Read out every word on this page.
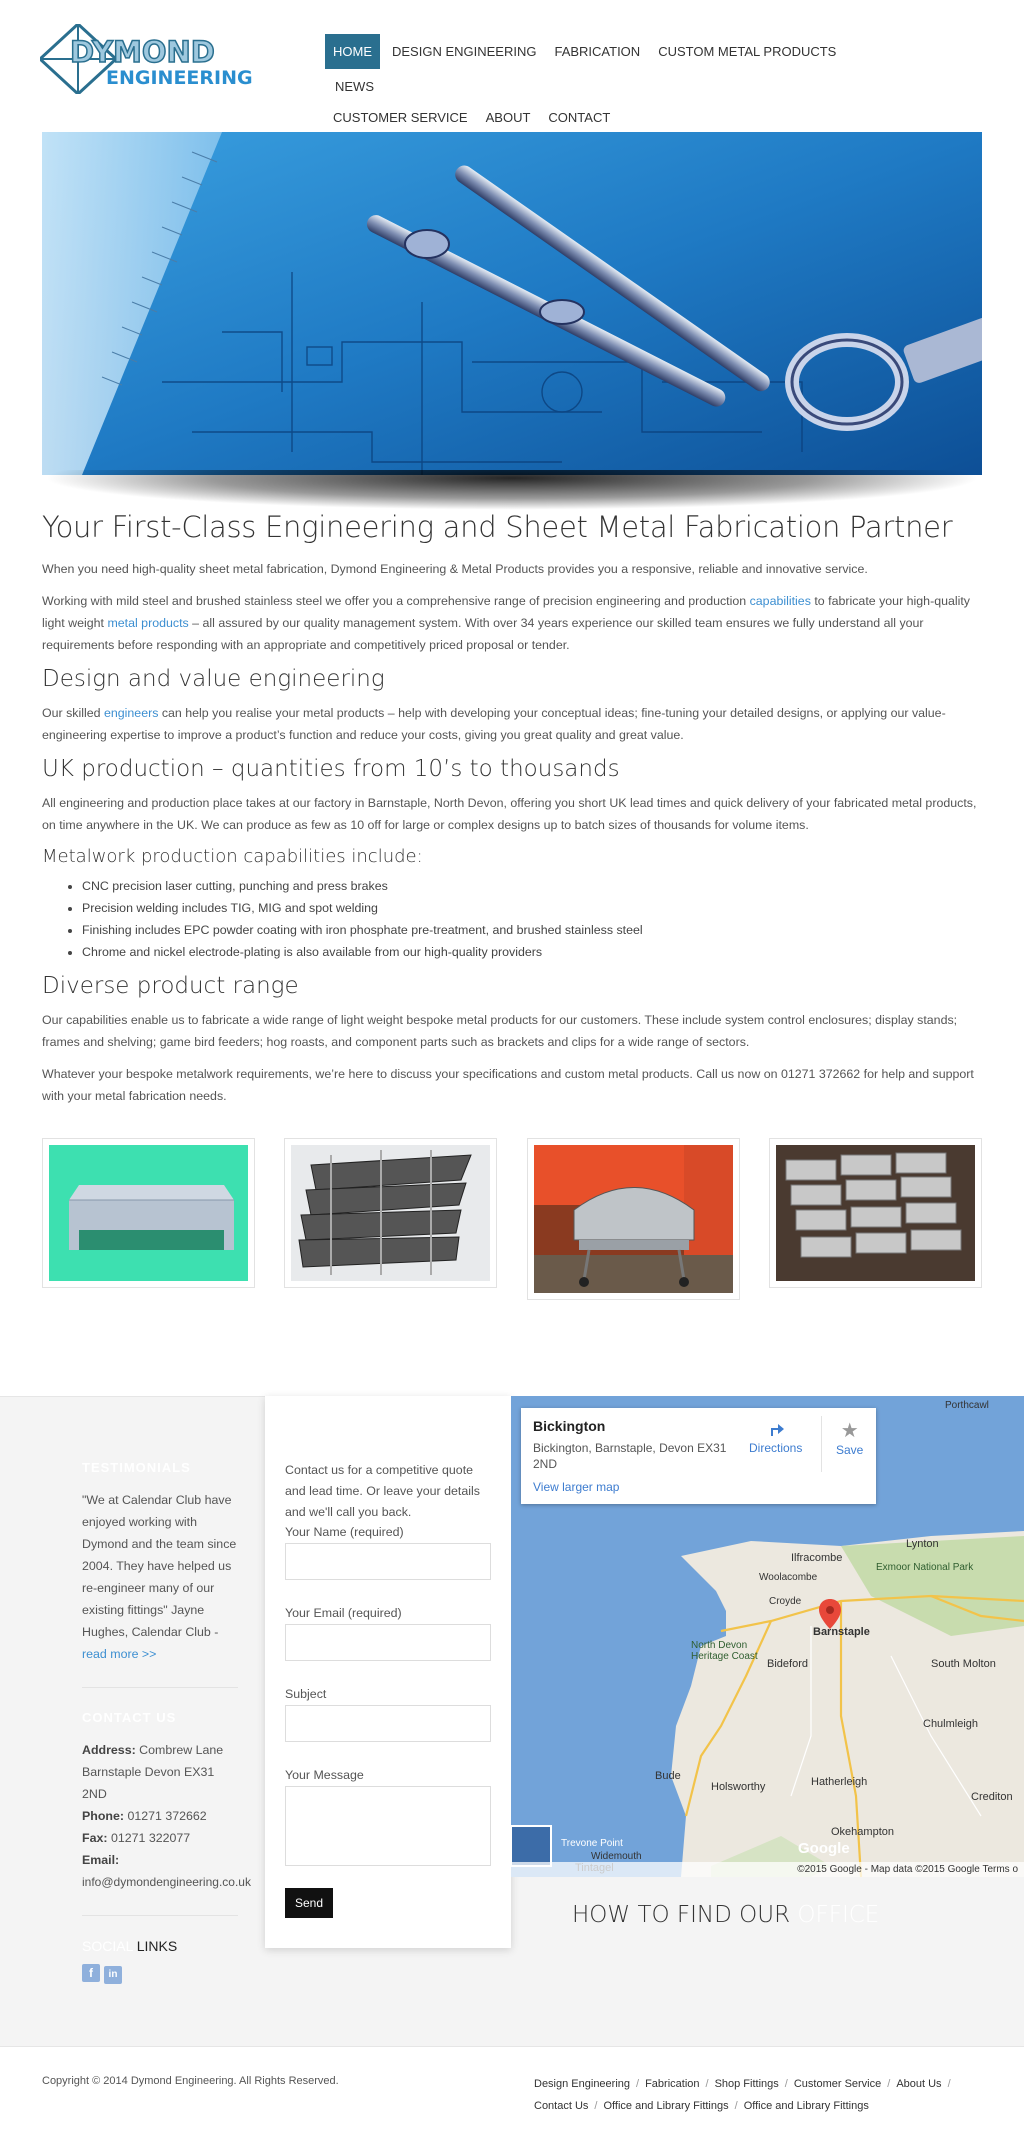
DYMOND
ENGINEERING
HOME DESIGN ENGINEERING FABRICATION CUSTOM METAL PRODUCTSNEWS
CUSTOMER SERVICE ABOUT CONTACT
Your First-Class Engineering and Sheet Metal Fabrication Partner

When you need high-quality sheet metal fabrication, Dymond Engineering & Metal Products provides you a responsive, reliable and innovative service.

Working with mild steel and brushed stainless steel we offer you a comprehensive range of precision engineering and production capabilities to fabricate your high-quality light weight metal products – all assured by our quality management system. With over 34 years experience our skilled team ensures we fully understand all your requirements before responding with an appropriate and competitively priced proposal or tender.

Design and value engineering

Our skilled engineers can help you realise your metal products – help with developing your conceptual ideas; fine-tuning your detailed designs, or applying our value-engineering expertise to improve a product’s function and reduce your costs, giving you great quality and great value.

UK production – quantities from 10’s to thousands

All engineering and production place takes at our factory in Barnstaple, North Devon, offering you short UK lead times and quick delivery of your fabricated metal products, on time anywhere in the UK. We can produce as few as 10 off for large or complex designs up to batch sizes of thousands for volume items.

Metalwork production capabilities include:
• CNC precision laser cutting, punching and press brakes
• Precision welding includes TIG, MIG and spot welding
• Finishing includes EPC powder coating with iron phosphate pre-treatment, and brushed stainless steel
• Chrome and nickel electrode-plating is also available from our high-quality providers
Diverse product range

Our capabilities enable us to fabricate a wide range of light weight bespoke metal products for our customers. These include system control enclosures; display stands; frames and shelving; game bird feeders; hog roasts, and component parts such as brackets and clips for a wide range of sectors.

Whatever your bespoke metalwork requirements, we’re here to discuss your specifications and custom metal products. Call us now on 01271 372662 for help and support with your metal fabrication needs.

TESTIMONIALS
"We at Calendar Club have enjoyed working with Dymond and the team since 2004. They have helped us re-engineer many of our existing fittings" Jayne Hughes, Calendar Club - read more >>
CONTACT US
Address: Combrew Lane Barnstaple Devon EX31 2ND
Phone: 01271 372662
Fax: 01271 322077
Email:
info@dymondengineering.co.uk
SOCIAL LINKS
f in

Contact us for a competitive quote and lead time. Or leave your details and we'll call you back.

Your Name (required)
Your Email (required)
Subject
Your Message
Send
Porthcawl
Lynton
Ilfracombe
Exmoor National Park
Woolacombe
Croyde
Barnstaple
North Devon Heritage Coast
Bideford	South Molton
Chulmleigh
Bude
Holsworthy	Hatherleigh
Crediton
Okehampton
Trevone Point
Widemouth	Google
Bickington
Bickington, Barnstaple, Devon EX31 2ND
View larger map

Directions
★
Save
©2015 Google - Map data ©2015 Google Terms o
HOW TO FIND OUR OFFICE
Copyright © 2014 Dymond Engineering. All Rights Reserved.	Design Engineering / Fabrication / Shop Fittings / Customer Service / About Us /
Contact Us / Office and Library Fittings / Office and Library Fittings
